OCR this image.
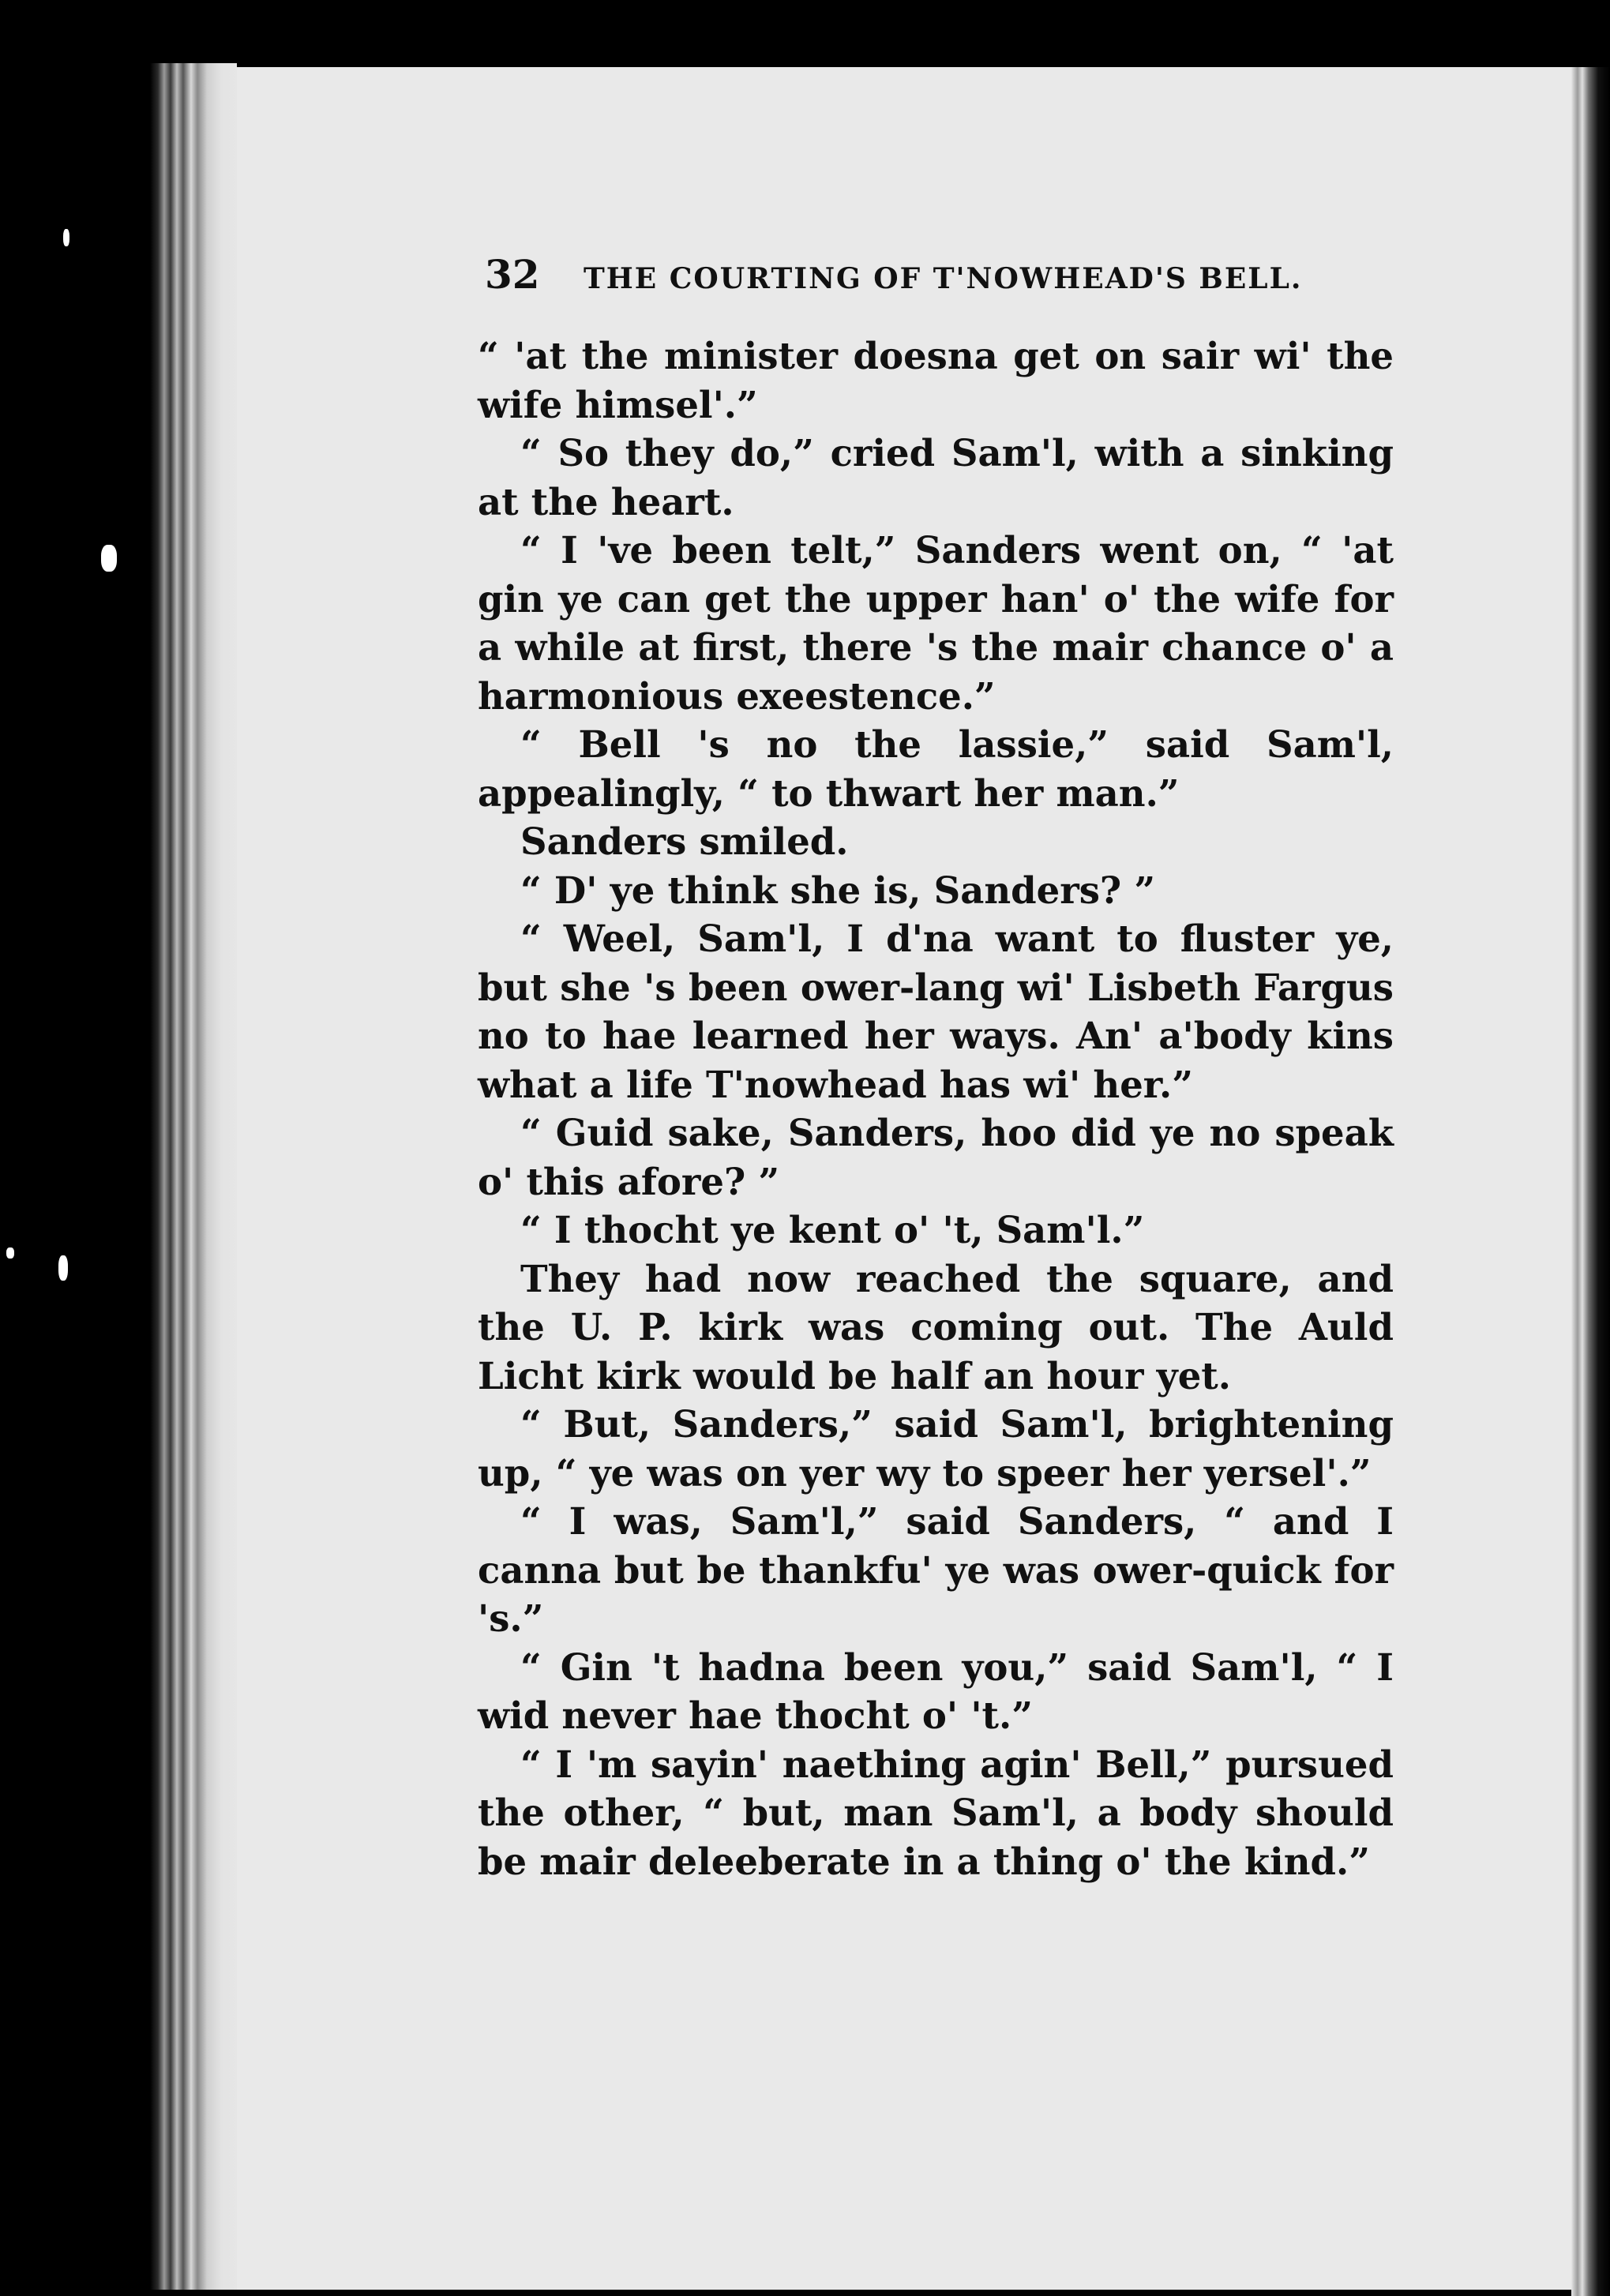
32 THE COURTING OF T'NOWHEAD'S BELL.

“ 'at the minister doesna get on sair wi' the wife himsel'.”

“ So they do,” cried Sam'l, with a sinking at the heart.

“ I 've been telt,” Sanders went on, “ 'at gin ye can get the upper han' o' the wife for a while at first, there 's the mair chance o' a harmonious exeestence.”

“ Bell 's no the lassie,” said Sam'l, appealingly, “ to thwart her man.”

Sanders smiled.

“ D' ye think she is, Sanders? ”

“ Weel, Sam'l, I d'na want to fluster ye, but she 's been ower-lang wi' Lisbeth Fargus no to hae learned her ways. An' a'body kins what a life T'nowhead has wi' her.”

“ Guid sake, Sanders, hoo did ye no speak o' this afore? ”

“ I thocht ye kent o' 't, Sam'l.”

They had now reached the square, and the U. P. kirk was coming out. The Auld Licht kirk would be half an hour yet.

“ But, Sanders,” said Sam'l, brightening up, “ ye was on yer wy to speer her yersel'.”

“ I was, Sam'l,” said Sanders, “ and I canna but be thankfu' ye was ower-quick for 's.”

“ Gin 't hadna been you,” said Sam'l, “ I wid never hae thocht o' 't.”

“ I 'm sayin' naething agin' Bell,” pursued the other, “ but, man Sam'l, a body should be mair deleeberate in a thing o' the kind.”
